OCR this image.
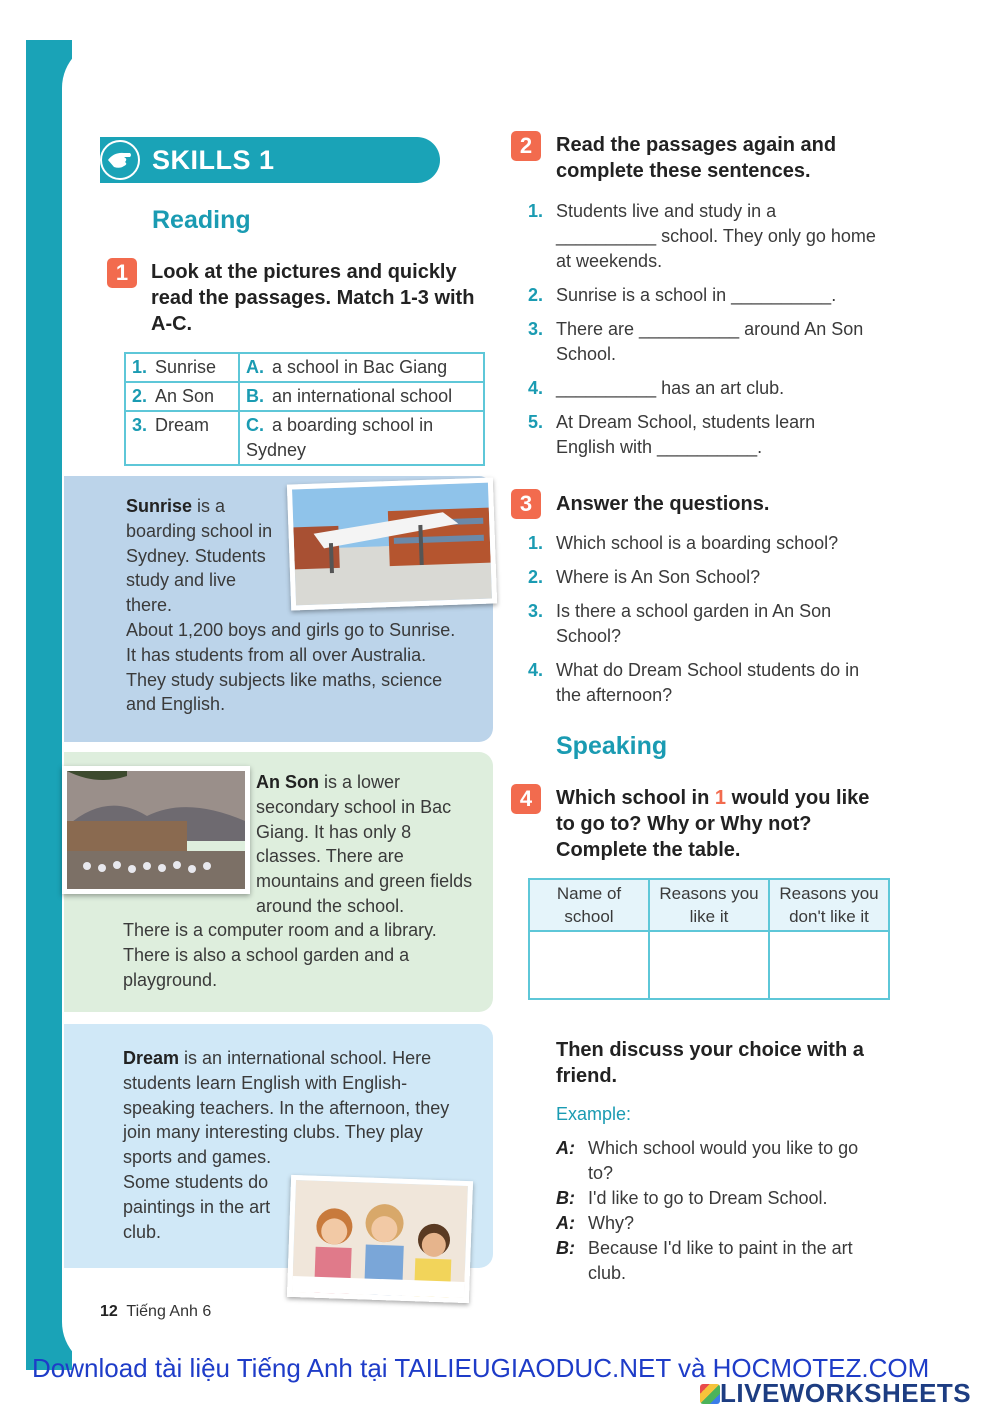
SKILLS 1
Reading
1	Look at the pictures and quickly read the passages. Match 1-3 with A-C.
1. Sunrise	A. a school in Bac Giang
2. An Son	B. an international school
3. Dream	C. a boarding school in Sydney
Sunrise is a boarding school in Sydney. Students study and live there.
About 1,200 boys and girls go to Sunrise. It has students from all over Australia. They study subjects like maths, science and English.
An Son is a lower secondary school in Bac Giang. It has only 8 classes. There are mountains and green fields around the school.
There is a computer room and a library. There is also a school garden and a playground.
Dream is an international school. Here students learn English with English-speaking teachers. In the afternoon, they join many interesting clubs. They play sports and games.
Some students do paintings in the art club.
2	Read the passages again and complete these sentences.
1. Students live and study in a __________ school. They only go home at weekends.
2. Sunrise is a school in __________.
3. There are __________ around An Son School.
4. __________ has an art club.
5. At Dream School, students learn English with __________.
3	Answer the questions.
1. Which school is a boarding school?
2. Where is An Son School?
3. Is there a school garden in An Son School?
4. What do Dream School students do in the afternoon?
Speaking
4	Which school in 1 would you like to go to? Why or Why not? Complete the table.
Name of school	Reasons you like it	Reasons you don't like it

Then discuss your choice with a friend.
Example:
A: Which school would you like to go to?
B: I'd like to go to Dream School.
A: Why?
B: Because I'd like to paint in the art club.
12 Tiếng Anh 6
Download tài liệu Tiếng Anh tại TAILIEUGIAODUC.NET và HOCMOTEZ.COM
LIVEWORKSHEETS
